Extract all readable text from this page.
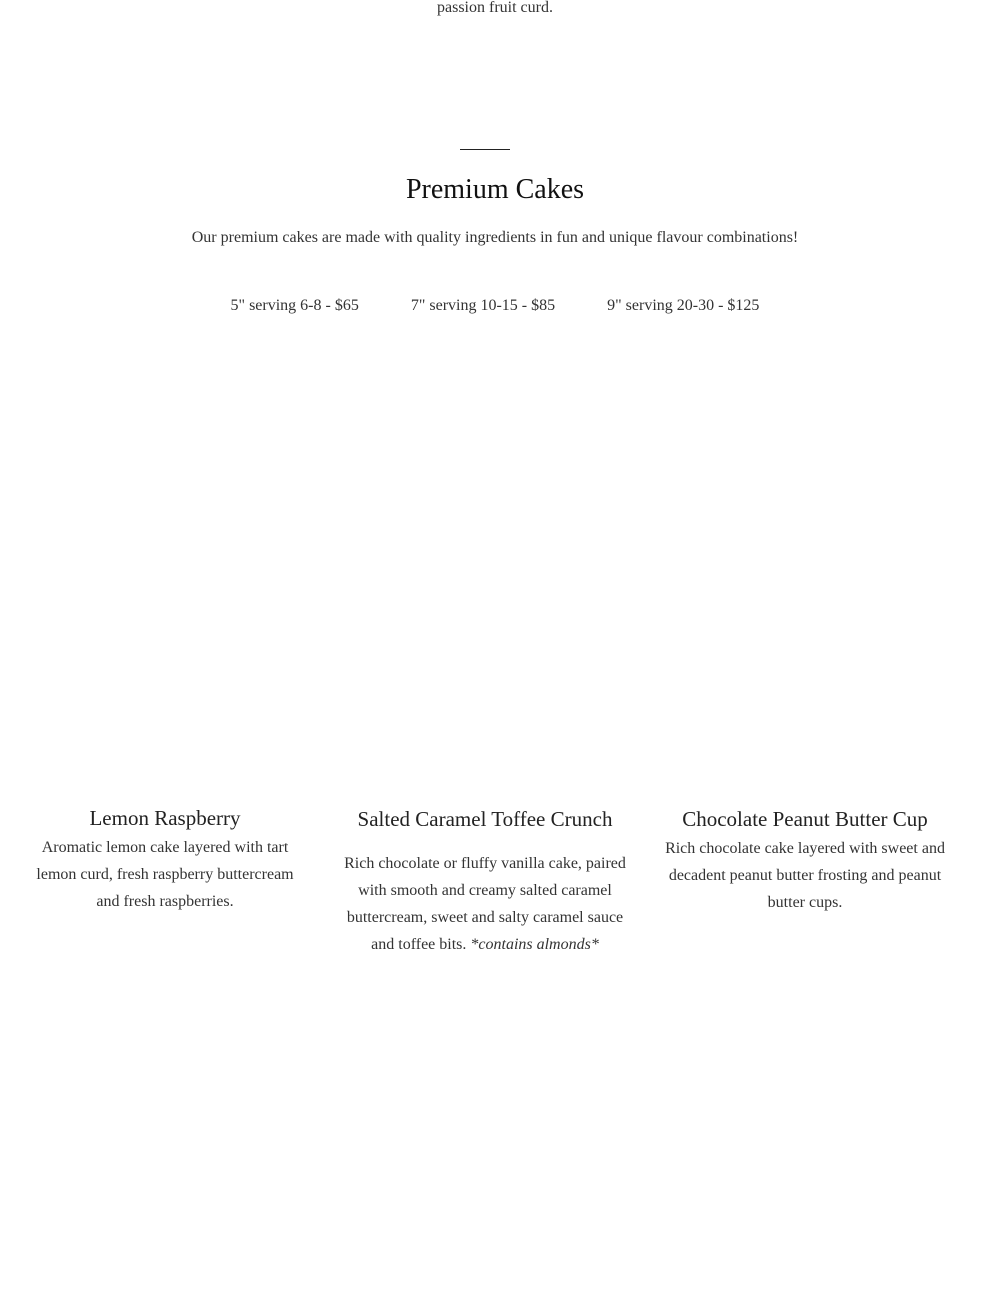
passion fruit curd.
Premium Cakes
Our premium cakes are made with quality ingredients in fun and unique flavour combinations!
5" serving 6-8 - $65	7" serving 10-15 - $85	9" serving 20-30 - $125
Lemon Raspberry

Aromatic lemon cake layered with tart lemon curd, fresh raspberry buttercream and fresh raspberries.

Salted Caramel Toffee Crunch

Rich chocolate or fluffy vanilla cake, paired with smooth and creamy salted caramel buttercream, sweet and salty caramel sauce and toffee bits. *contains almonds*

Chocolate Peanut Butter Cup

Rich chocolate cake layered with sweet and decadent peanut butter frosting and peanut butter cups.
